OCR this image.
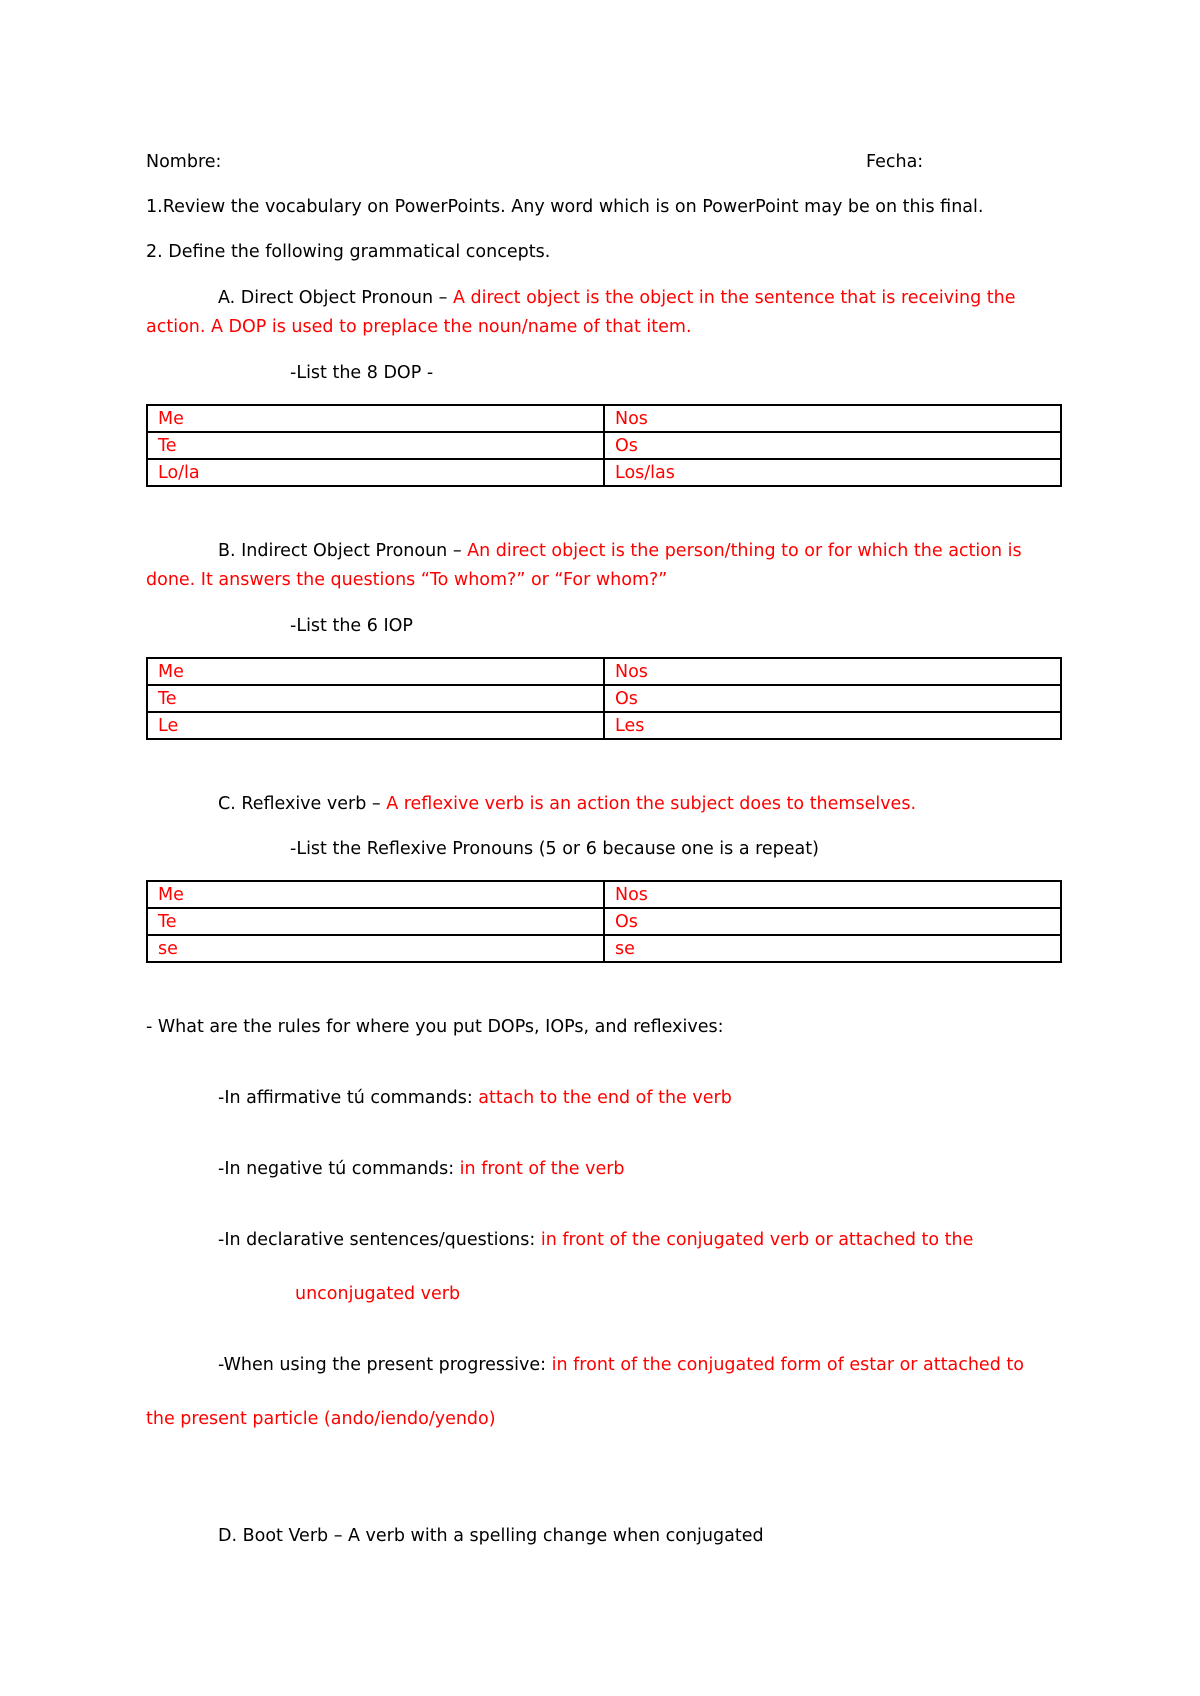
Nombre:	Fecha:
1.Review the vocabulary on PowerPoints. Any word which is on PowerPoint may be on this final.
2. Define the following grammatical concepts.
A. Direct Object Pronoun – A direct object is the object in the sentence that is receiving the
action. A DOP is used to preplace the noun/name of that item.
-List the 8 DOP -
Me	Nos
Te	Os
Lo/la	Los/las
B. Indirect Object Pronoun – An direct object is the person/thing to or for which the action is
done. It answers the questions “To whom?” or “For whom?”
-List the 6 IOP
Me	Nos
Te	Os
Le	Les
C. Reflexive verb – A reflexive verb is an action the subject does to themselves.
-List the Reflexive Pronouns (5 or 6 because one is a repeat)
Me	Nos
Te	Os
se	se
- What are the rules for where you put DOPs, IOPs, and reflexives:
-In affirmative tú commands: attach to the end of the verb
-In negative tú commands: in front of the verb
-In declarative sentences/questions: in front of the conjugated verb or attached to the
unconjugated verb
-When using the present progressive: in front of the conjugated form of estar or attached to
the present particle (ando/iendo/yendo)
D. Boot Verb – A verb with a spelling change when conjugated
